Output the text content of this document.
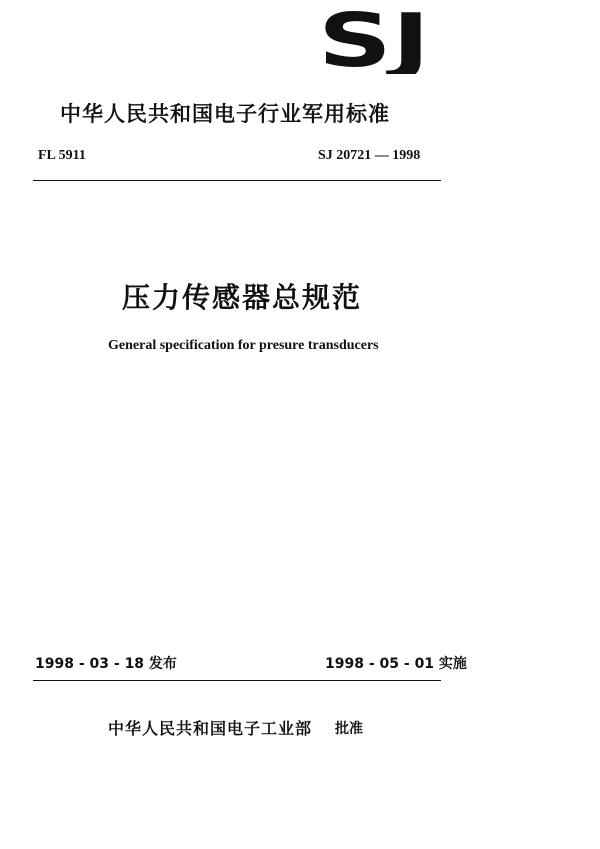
SJ
中华人民共和国电子行业军用标准
FL 5911	SJ 20721 — 1998
压力传感器总规范
General specification for presure transducers
1998 - 03 - 18 发布	1998 - 05 - 01 实施
中华人民共和国电子工业部 批准
